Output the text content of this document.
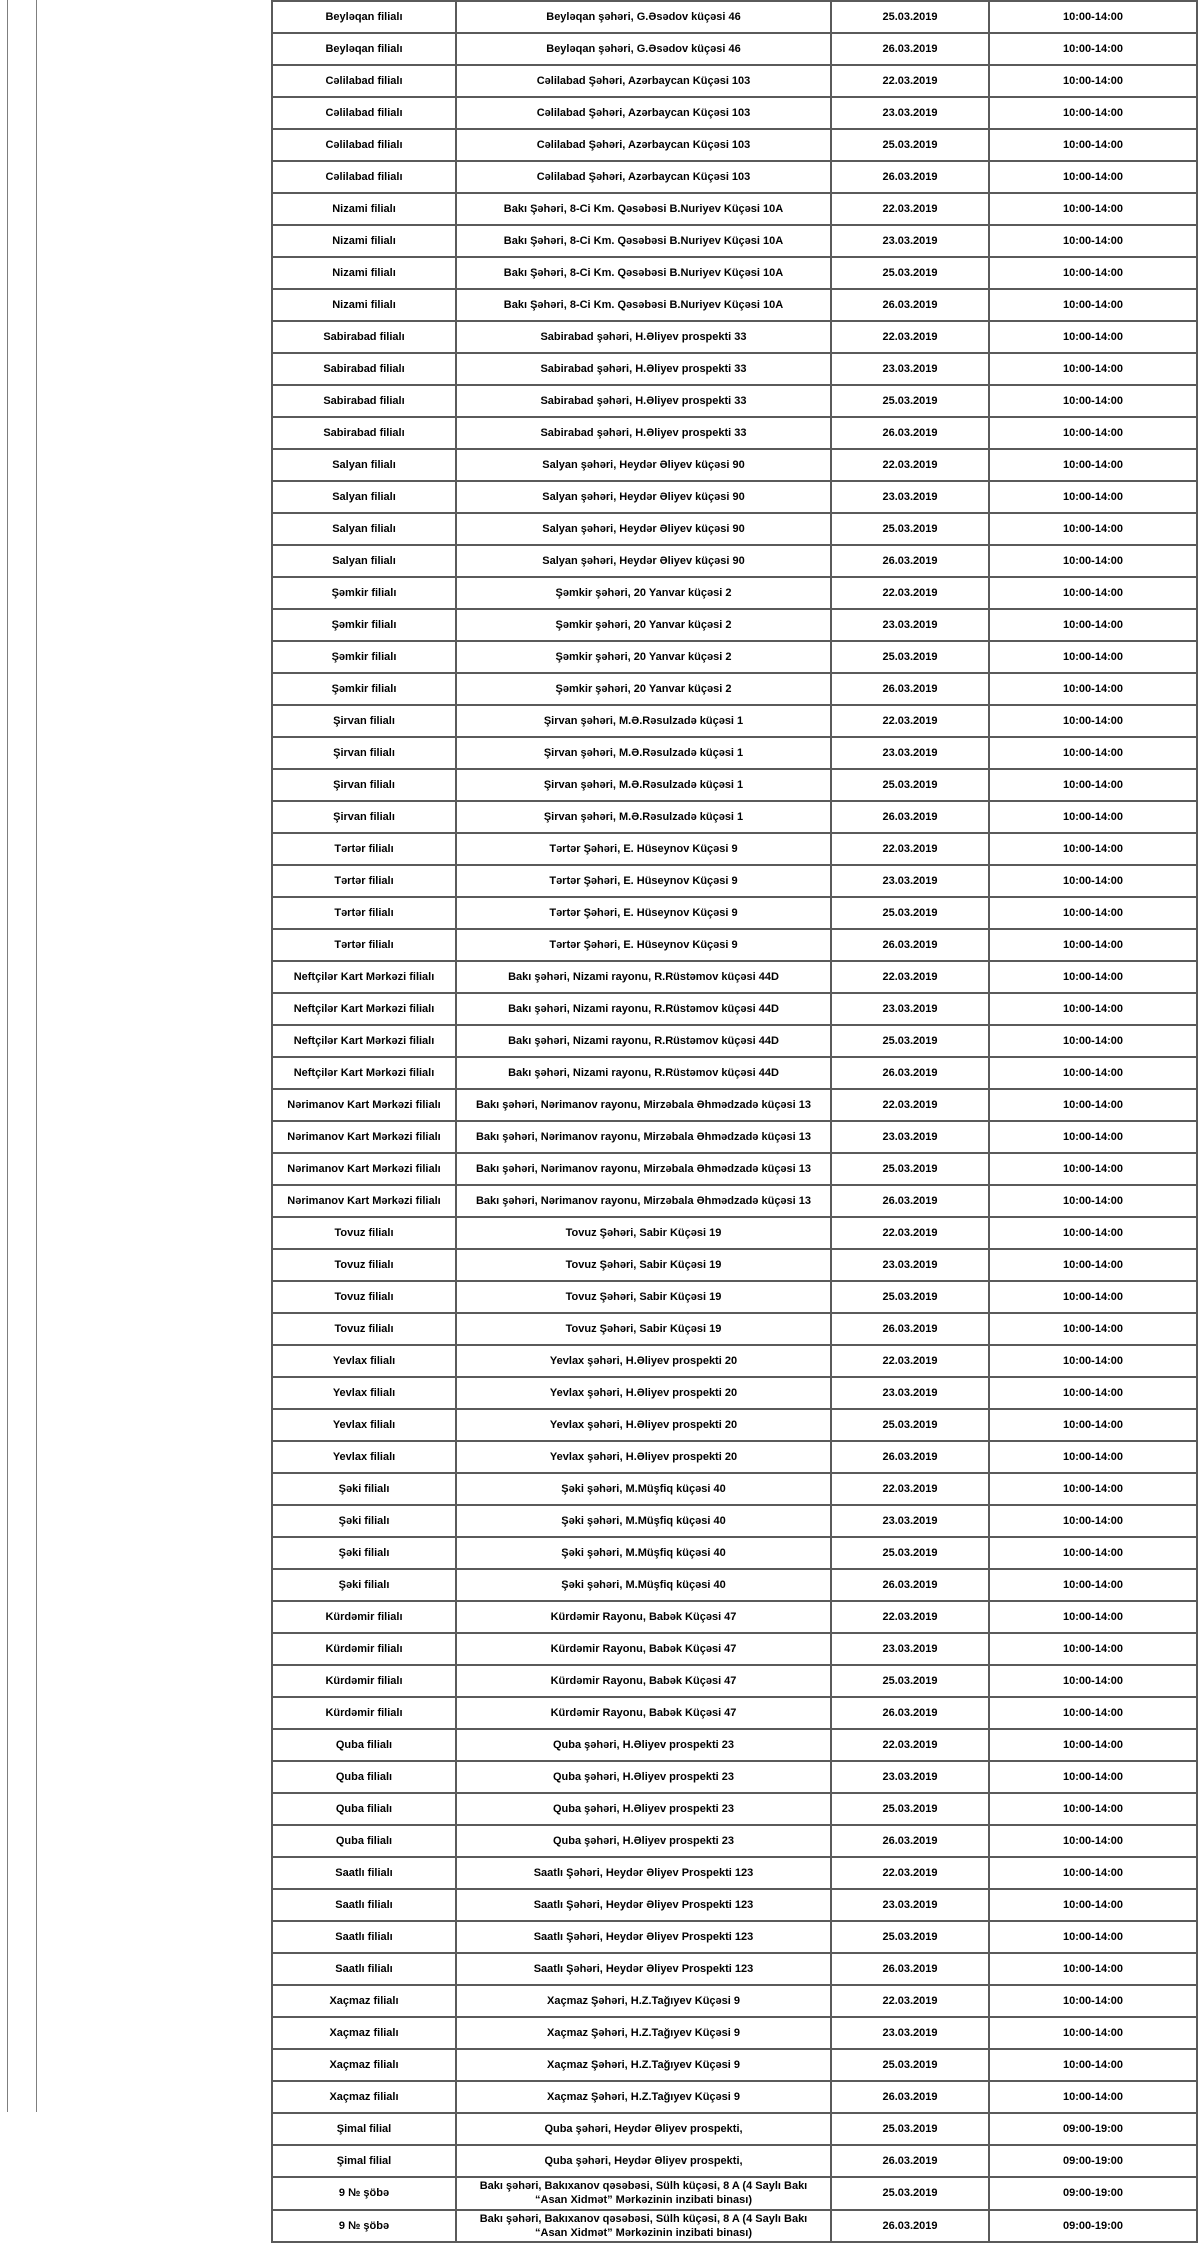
Beyləqan filialı	Beyləqan şəhəri, G.Əsədov küçəsi 46	25.03.2019	10:00-14:00
Beyləqan filialı	Beyləqan şəhəri, G.Əsədov küçəsi 46	26.03.2019	10:00-14:00
Cəlilabad filialı	Cəlilabad Şəhəri, Azərbaycan Küçəsi 103	22.03.2019	10:00-14:00
Cəlilabad filialı	Cəlilabad Şəhəri, Azərbaycan Küçəsi 103	23.03.2019	10:00-14:00
Cəlilabad filialı	Cəlilabad Şəhəri, Azərbaycan Küçəsi 103	25.03.2019	10:00-14:00
Cəlilabad filialı	Cəlilabad Şəhəri, Azərbaycan Küçəsi 103	26.03.2019	10:00-14:00
Nizami filialı	Bakı Şəhəri, 8-Ci Km. Qəsəbəsi B.Nuriyev Küçəsi 10A	22.03.2019	10:00-14:00
Nizami filialı	Bakı Şəhəri, 8-Ci Km. Qəsəbəsi B.Nuriyev Küçəsi 10A	23.03.2019	10:00-14:00
Nizami filialı	Bakı Şəhəri, 8-Ci Km. Qəsəbəsi B.Nuriyev Küçəsi 10A	25.03.2019	10:00-14:00
Nizami filialı	Bakı Şəhəri, 8-Ci Km. Qəsəbəsi B.Nuriyev Küçəsi 10A	26.03.2019	10:00-14:00
Sabirabad filialı	Sabirabad şəhəri, H.Əliyev prospekti 33	22.03.2019	10:00-14:00
Sabirabad filialı	Sabirabad şəhəri, H.Əliyev prospekti 33	23.03.2019	10:00-14:00
Sabirabad filialı	Sabirabad şəhəri, H.Əliyev prospekti 33	25.03.2019	10:00-14:00
Sabirabad filialı	Sabirabad şəhəri, H.Əliyev prospekti 33	26.03.2019	10:00-14:00
Salyan filialı	Salyan şəhəri, Heydər Əliyev küçəsi 90	22.03.2019	10:00-14:00
Salyan filialı	Salyan şəhəri, Heydər Əliyev küçəsi 90	23.03.2019	10:00-14:00
Salyan filialı	Salyan şəhəri, Heydər Əliyev küçəsi 90	25.03.2019	10:00-14:00
Salyan filialı	Salyan şəhəri, Heydər Əliyev küçəsi 90	26.03.2019	10:00-14:00
Şəmkir filialı	Şəmkir şəhəri, 20 Yanvar küçəsi 2	22.03.2019	10:00-14:00
Şəmkir filialı	Şəmkir şəhəri, 20 Yanvar küçəsi 2	23.03.2019	10:00-14:00
Şəmkir filialı	Şəmkir şəhəri, 20 Yanvar küçəsi 2	25.03.2019	10:00-14:00
Şəmkir filialı	Şəmkir şəhəri, 20 Yanvar küçəsi 2	26.03.2019	10:00-14:00
Şirvan filialı	Şirvan şəhəri, M.Ə.Rəsulzadə küçəsi 1	22.03.2019	10:00-14:00
Şirvan filialı	Şirvan şəhəri, M.Ə.Rəsulzadə küçəsi 1	23.03.2019	10:00-14:00
Şirvan filialı	Şirvan şəhəri, M.Ə.Rəsulzadə küçəsi 1	25.03.2019	10:00-14:00
Şirvan filialı	Şirvan şəhəri, M.Ə.Rəsulzadə küçəsi 1	26.03.2019	10:00-14:00
Tərtər filialı	Tərtər Şəhəri, E. Hüseynov Küçəsi 9	22.03.2019	10:00-14:00
Tərtər filialı	Tərtər Şəhəri, E. Hüseynov Küçəsi 9	23.03.2019	10:00-14:00
Tərtər filialı	Tərtər Şəhəri, E. Hüseynov Küçəsi 9	25.03.2019	10:00-14:00
Tərtər filialı	Tərtər Şəhəri, E. Hüseynov Küçəsi 9	26.03.2019	10:00-14:00
Neftçilər Kart Mərkəzi filialı	Bakı şəhəri, Nizami rayonu, R.Rüstəmov küçəsi 44D	22.03.2019	10:00-14:00
Neftçilər Kart Mərkəzi filialı	Bakı şəhəri, Nizami rayonu, R.Rüstəmov küçəsi 44D	23.03.2019	10:00-14:00
Neftçilər Kart Mərkəzi filialı	Bakı şəhəri, Nizami rayonu, R.Rüstəmov küçəsi 44D	25.03.2019	10:00-14:00
Neftçilər Kart Mərkəzi filialı	Bakı şəhəri, Nizami rayonu, R.Rüstəmov küçəsi 44D	26.03.2019	10:00-14:00
Nərimanov Kart Mərkəzi filialı	Bakı şəhəri, Nərimanov rayonu, Mirzəbala Əhmədzadə küçəsi 13	22.03.2019	10:00-14:00
Nərimanov Kart Mərkəzi filialı	Bakı şəhəri, Nərimanov rayonu, Mirzəbala Əhmədzadə küçəsi 13	23.03.2019	10:00-14:00
Nərimanov Kart Mərkəzi filialı	Bakı şəhəri, Nərimanov rayonu, Mirzəbala Əhmədzadə küçəsi 13	25.03.2019	10:00-14:00
Nərimanov Kart Mərkəzi filialı	Bakı şəhəri, Nərimanov rayonu, Mirzəbala Əhmədzadə küçəsi 13	26.03.2019	10:00-14:00
Tovuz filialı	Tovuz Şəhəri, Sabir Küçəsi 19	22.03.2019	10:00-14:00
Tovuz filialı	Tovuz Şəhəri, Sabir Küçəsi 19	23.03.2019	10:00-14:00
Tovuz filialı	Tovuz Şəhəri, Sabir Küçəsi 19	25.03.2019	10:00-14:00
Tovuz filialı	Tovuz Şəhəri, Sabir Küçəsi 19	26.03.2019	10:00-14:00
Yevlax filialı	Yevlax şəhəri, H.Əliyev prospekti 20	22.03.2019	10:00-14:00
Yevlax filialı	Yevlax şəhəri, H.Əliyev prospekti 20	23.03.2019	10:00-14:00
Yevlax filialı	Yevlax şəhəri, H.Əliyev prospekti 20	25.03.2019	10:00-14:00
Yevlax filialı	Yevlax şəhəri, H.Əliyev prospekti 20	26.03.2019	10:00-14:00
Şəki filialı	Şəki şəhəri, M.Müşfiq küçəsi 40	22.03.2019	10:00-14:00
Şəki filialı	Şəki şəhəri, M.Müşfiq küçəsi 40	23.03.2019	10:00-14:00
Şəki filialı	Şəki şəhəri, M.Müşfiq küçəsi 40	25.03.2019	10:00-14:00
Şəki filialı	Şəki şəhəri, M.Müşfiq küçəsi 40	26.03.2019	10:00-14:00
Kürdəmir filialı	Kürdəmir Rayonu, Babək Küçəsi 47	22.03.2019	10:00-14:00
Kürdəmir filialı	Kürdəmir Rayonu, Babək Küçəsi 47	23.03.2019	10:00-14:00
Kürdəmir filialı	Kürdəmir Rayonu, Babək Küçəsi 47	25.03.2019	10:00-14:00
Kürdəmir filialı	Kürdəmir Rayonu, Babək Küçəsi 47	26.03.2019	10:00-14:00
Quba filialı	Quba şəhəri, H.Əliyev prospekti 23	22.03.2019	10:00-14:00
Quba filialı	Quba şəhəri, H.Əliyev prospekti 23	23.03.2019	10:00-14:00
Quba filialı	Quba şəhəri, H.Əliyev prospekti 23	25.03.2019	10:00-14:00
Quba filialı	Quba şəhəri, H.Əliyev prospekti 23	26.03.2019	10:00-14:00
Saatlı filialı	Saatlı Şəhəri, Heydər Əliyev Prospekti 123	22.03.2019	10:00-14:00
Saatlı filialı	Saatlı Şəhəri, Heydər Əliyev Prospekti 123	23.03.2019	10:00-14:00
Saatlı filialı	Saatlı Şəhəri, Heydər Əliyev Prospekti 123	25.03.2019	10:00-14:00
Saatlı filialı	Saatlı Şəhəri, Heydər Əliyev Prospekti 123	26.03.2019	10:00-14:00
Xaçmaz filialı	Xaçmaz Şəhəri, H.Z.Tağıyev Küçəsi 9	22.03.2019	10:00-14:00
Xaçmaz filialı	Xaçmaz Şəhəri, H.Z.Tağıyev Küçəsi 9	23.03.2019	10:00-14:00
Xaçmaz filialı	Xaçmaz Şəhəri, H.Z.Tağıyev Küçəsi 9	25.03.2019	10:00-14:00
Xaçmaz filialı	Xaçmaz Şəhəri, H.Z.Tağıyev Küçəsi 9	26.03.2019	10:00-14:00
Şimal filial	Quba şəhəri, Heydər Əliyev prospekti,	25.03.2019	09:00-19:00
Şimal filial	Quba şəhəri, Heydər Əliyev prospekti,	26.03.2019	09:00-19:00
9 № şöbə	Bakı şəhəri, Bakıxanov qəsəbəsi, Sülh küçəsi, 8 A (4 Saylı Bakı “Asan Xidmət” Mərkəzinin inzibati binası)	25.03.2019	09:00-19:00
9 № şöbə	Bakı şəhəri, Bakıxanov qəsəbəsi, Sülh küçəsi, 8 A (4 Saylı Bakı “Asan Xidmət” Mərkəzinin inzibati binası)	26.03.2019	09:00-19:00
